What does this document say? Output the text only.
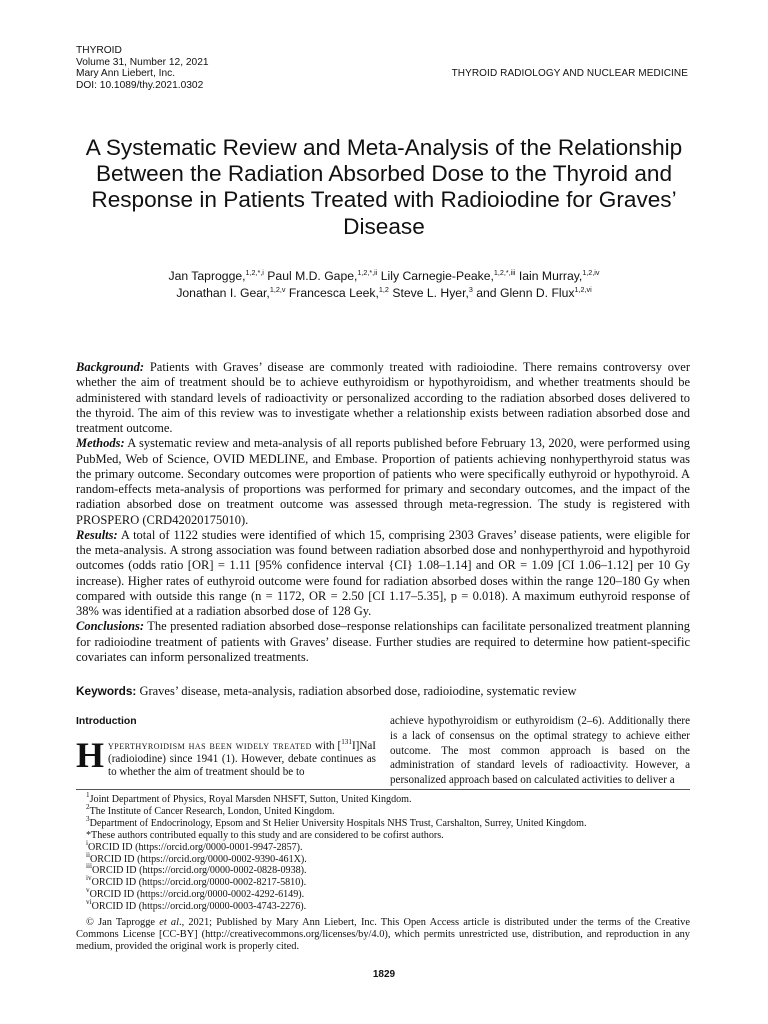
THYROID
Volume 31, Number 12, 2021
Mary Ann Liebert, Inc.
DOI: 10.1089/thy.2021.0302
THYROID RADIOLOGY AND NUCLEAR MEDICINE
A Systematic Review and Meta-Analysis of the Relationship Between the Radiation Absorbed Dose to the Thyroid and Response in Patients Treated with Radioiodine for Graves’ Disease
Jan Taprogge,$^{1,2,*,i}$ Paul M.D. Gape,$^{1,2,*,ii}$ Lily Carnegie-Peake,$^{1,2,*,iii}$ Iain Murray,$^{1,2,iv}$
Jonathan I. Gear,$^{1,2,v}$ Francesca Leek,$^{1,2}$ Steve L. Hyer,$^3$ and Glenn D. Flux$^{1,2,vi}$

Background: Patients with Graves’ disease are commonly treated with radioiodine. There remains controversy over whether the aim of treatment should be to achieve euthyroidism or hypothyroidism, and whether treatments should be administered with standard levels of radioactivity or personalized according to the radiation absorbed doses delivered to the thyroid. The aim of this review was to investigate whether a relationship exists between radiation absorbed dose and treatment outcome.

Methods: A systematic review and meta-analysis of all reports published before February 13, 2020, were performed using PubMed, Web of Science, OVID MEDLINE, and Embase. Proportion of patients achieving nonhyperthyroid status was the primary outcome. Secondary outcomes were proportion of patients who were specifically euthyroid or hypothyroid. A random-effects meta-analysis of proportions was performed for primary and secondary outcomes, and the impact of the radiation absorbed dose on treatment outcome was assessed through meta-regression. The study is registered with PROSPERO (CRD42020175010).

Results: A total of 1122 studies were identified of which 15, comprising 2303 Graves’ disease patients, were eligible for the meta-analysis. A strong association was found between radiation absorbed dose and nonhyperthyroid and hypothyroid outcomes (odds ratio [OR] = 1.11 [95% confidence interval {CI} 1.08–1.14] and OR = 1.09 [CI 1.06–1.12] per 10 Gy increase). Higher rates of euthyroid outcome were found for radiation absorbed doses within the range 120–180 Gy when compared with outside this range (n = 1172, OR = 2.50 [CI 1.17–5.35], p = 0.018). A maximum euthyroid response of 38% was identified at a radiation absorbed dose of 128 Gy.

Conclusions: The presented radiation absorbed dose–response relationships can facilitate personalized treatment planning for radioiodine treatment of patients with Graves’ disease. Further studies are required to determine how patient-specific covariates can inform personalized treatments.

Keywords: Graves’ disease, meta-analysis, radiation absorbed dose, radioiodine, systematic review
Introduction
Hyperthyroidism has been widely treated with [$^{131}$I]NaI (radioiodine) since 1941 (1). However, debate continues as to whether the aim of treatment should be to
achieve hypothyroidism or euthyroidism (2–6). Additionally there is a lack of consensus on the optimal strategy to achieve either outcome. The most common approach is based on the administration of standard levels of radioactivity. However, a personalized approach based on calculated activities to deliver a
$^1$Joint Department of Physics, Royal Marsden NHSFT, Sutton, United Kingdom.
$^2$The Institute of Cancer Research, London, United Kingdom.
$^3$Department of Endocrinology, Epsom and St Helier University Hospitals NHS Trust, Carshalton, Surrey, United Kingdom.
*These authors contributed equally to this study and are considered to be cofirst authors.
$^i$ORCID ID (https://orcid.org/0000-0001-9947-2857).
$^{ii}$ORCID ID (https://orcid.org/0000-0002-9390-461X).
$^{iii}$ORCID ID (https://orcid.org/0000-0002-0828-0938).
$^{iv}$ORCID ID (https://orcid.org/0000-0002-8217-5810).
$^v$ORCID ID (https://orcid.org/0000-0002-4292-6149).
$^{vi}$ORCID ID (https://orcid.org/0000-0003-4743-2276).

© Jan Taprogge et al., 2021; Published by Mary Ann Liebert, Inc. This Open Access article is distributed under the terms of the Creative Commons License [CC-BY] (http://creativecommons.org/licenses/by/4.0), which permits unrestricted use, distribution, and reproduction in any medium, provided the original work is properly cited.

1829
